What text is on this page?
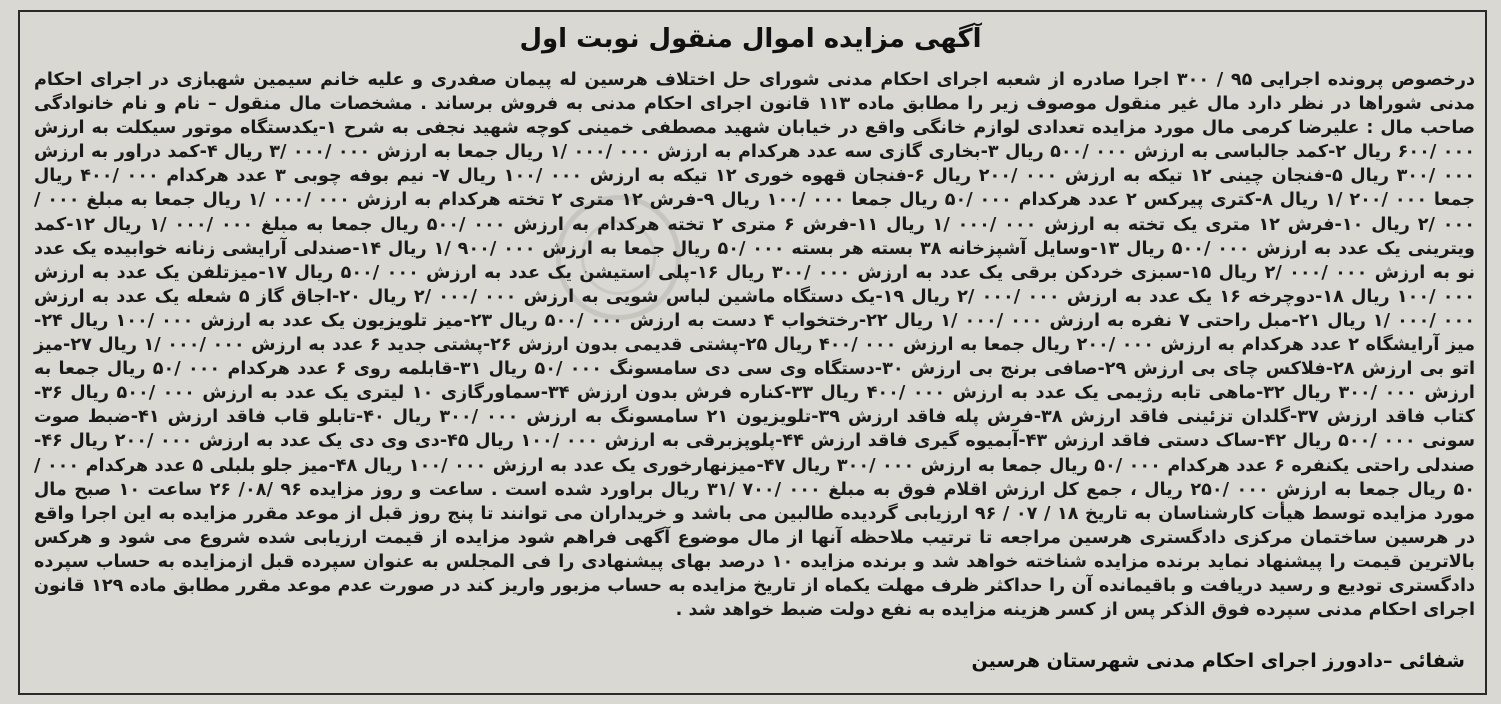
آگهی مزایده اموال منقول نوبت اول
درخصوص پرونده اجرایی ۹۵ / ۳۰۰ اجرا صادره از شعبه اجرای احکام مدنی شورای حل اختلاف هرسین له پیمان صفدری و علیه خانم سیمین شهبازی در اجرای احکام مدنی شوراها در نظر دارد مال غیر منقول موصوف زیر را مطابق ماده ۱۱۳ قانون اجرای احکام مدنی به فروش برساند . مشخصات مال منقول – نام و نام خانوادگی صاحب مال : علیرضا کرمی مال مورد مزایده تعدادی لوازم خانگی واقع در خیابان شهید مصطفی خمینی کوچه شهید نجفی به شرح ۱-یکدستگاه موتور سیکلت به ارزش ۰۰۰ /۶۰۰ ریال ۲-کمد جالباسی به ارزش ۰۰۰ /۵۰۰ ریال ۳-بخاری گازی سه عدد هرکدام به ارزش ۰۰۰ /۰۰۰ /۱ ریال جمعا به ارزش ۰۰۰ /۰۰۰ /۳ ریال ۴-کمد دراور به ارزش ۰۰۰ /۳۰۰ ریال ۵-فنجان چینی ۱۲ تیکه به ارزش ۰۰۰ /۲۰۰ ریال ۶-فنجان قهوه خوری ۱۲ تیکه به ارزش ۰۰۰ /۱۰۰ ریال ۷- نیم بوفه چوبی ۳ عدد هرکدام ۰۰۰ /۴۰۰ ریال جمعا ۰۰۰ /۲۰۰ /۱ ریال ۸-کتری پیرکس ۲ عدد هرکدام ۰۰۰ /۵۰ ریال جمعا ۰۰۰ /۱۰۰ ریال ۹-فرش ۱۲ متری ۲ تخته هرکدام به ارزش ۰۰۰ /۰۰۰ /۱ ریال جمعا به مبلغ ۰۰۰ /۰۰۰ /۲ ریال ۱۰-فرش ۱۲ متری یک تخته به ارزش ۰۰۰ /۰۰۰ /۱ ریال ۱۱-فرش ۶ متری ۲ تخته هرکدام به ارزش ۰۰۰ /۵۰۰ ریال جمعا به مبلغ ۰۰۰ /۰۰۰ /۱ ریال ۱۲-کمد ویترینی یک عدد به ارزش ۰۰۰ /۵۰۰ ریال ۱۳-وسایل آشپزخانه ۳۸ بسته هر بسته ۰۰۰ /۵۰ ریال جمعا به ارزش ۰۰۰ /۹۰۰ /۱ ریال ۱۴-صندلی آرایشی زنانه خوابیده یک عدد نو به ارزش ۰۰۰ /۰۰۰ /۲ ریال ۱۵-سبزی خردکن برقی یک عدد به ارزش ۰۰۰ /۳۰۰ ریال ۱۶-پلی استیشن یک عدد به ارزش ۰۰۰ /۵۰۰ ریال ۱۷-میزتلفن یک عدد به ارزش ۰۰۰ /۱۰۰ ریال ۱۸-دوچرخه ۱۶ یک عدد به ارزش ۰۰۰ /۰۰۰ /۲ ریال ۱۹-یک دستگاه ماشین لباس شویی به ارزش ۰۰۰ /۰۰۰ /۲ ریال ۲۰-اجاق گاز ۵ شعله یک عدد به ارزش ۰۰۰ /۰۰۰ /۱ ریال ۲۱-مبل راحتی ۷ نفره به ارزش ۰۰۰ /۰۰۰ /۱ ریال ۲۲-رختخواب ۴ دست به ارزش ۰۰۰ /۵۰۰ ریال ۲۳-میز تلویزیون یک عدد به ارزش ۰۰۰ /۱۰۰ ریال ۲۴-میز آرایشگاه ۲ عدد هرکدام به ارزش ۰۰۰ /۲۰۰ ریال جمعا به ارزش ۰۰۰ /۴۰۰ ریال ۲۵-پشتی قدیمی بدون ارزش ۲۶-پشتی جدید ۶ عدد به ارزش ۰۰۰ /۰۰۰ /۱ ریال ۲۷-میز اتو بی ارزش ۲۸-فلاکس چای بی ارزش ۲۹-صافی برنج بی ارزش ۳۰-دستگاه وی سی دی سامسونگ ۰۰۰ /۵۰ ریال ۳۱-قابلمه روی ۶ عدد هرکدام ۰۰۰ /۵۰ ریال جمعا به ارزش ۰۰۰ /۳۰۰ ریال ۳۲-ماهی تابه رژیمی یک عدد به ارزش ۰۰۰ /۴۰۰ ریال ۳۳-کناره فرش بدون ارزش ۳۴-سماورگازی ۱۰ لیتری یک عدد به ارزش ۰۰۰ /۵۰۰ ریال ۳۶-کتاب فاقد ارزش ۳۷-گلدان تزئینی فاقد ارزش ۳۸-فرش پله فاقد ارزش ۳۹-تلویزیون ۲۱ سامسونگ به ارزش ۰۰۰ /۳۰۰ ریال ۴۰-تابلو قاب فاقد ارزش ۴۱-ضبط صوت سونی ۰۰۰ /۵۰۰ ریال ۴۲-ساک دستی فاقد ارزش ۴۳-آبمیوه گیری فاقد ارزش ۴۴-پلوپزبرقی به ارزش ۰۰۰ /۱۰۰ ریال ۴۵-دی وی دی یک عدد به ارزش ۰۰۰ /۲۰۰ ریال ۴۶-صندلی راحتی یکنفره ۶ عدد هرکدام ۰۰۰ /۵۰ ریال جمعا به ارزش ۰۰۰ /۳۰۰ ریال ۴۷-میزنهارخوری یک عدد به ارزش ۰۰۰ /۱۰۰ ریال ۴۸-میز جلو بلبلی ۵ عدد هرکدام ۰۰۰ /۵۰ ریال جمعا به ارزش ۰۰۰ /۲۵۰ ریال ، جمع کل ارزش اقلام فوق به مبلغ ۰۰۰ /۷۰۰ /۳۱ ریال براورد شده است . ساعت و روز مزایده ۹۶ /۰۸/ ۲۶ ساعت ۱۰ صبح مال مورد مزایده توسط هیأت کارشناسان به تاریخ ۱۸ / ۰۷ / ۹۶ ارزیابی گردیده طالبین می باشد و خریداران می توانند تا پنج روز قبل از موعد مقرر مزایده به این اجرا واقع در هرسین ساختمان مرکزی دادگستری هرسین مراجعه تا ترتیب ملاحظه آنها از مال موضوع آگهی فراهم شود مزایده از قیمت ارزیابی شده شروع می شود و هرکس بالاترین قیمت را پیشنهاد نماید برنده مزایده شناخته خواهد شد و برنده مزایده ۱۰ درصد بهای پیشنهادی را فی المجلس به عنوان سپرده قبل ازمزایده به حساب سپرده دادگستری تودیع و رسید دریافت و باقیمانده آن را حداکثر ظرف مهلت یکماه از تاریخ مزایده به حساب مزبور واریز کند در صورت عدم موعد مقرر مطابق ماده ۱۲۹ قانون اجرای احکام مدنی سپرده فوق الذکر پس از کسر هزینه مزایده به نفع دولت ضبط خواهد شد .
شفائی –دادورز اجرای احکام مدنی شهرستان هرسین
